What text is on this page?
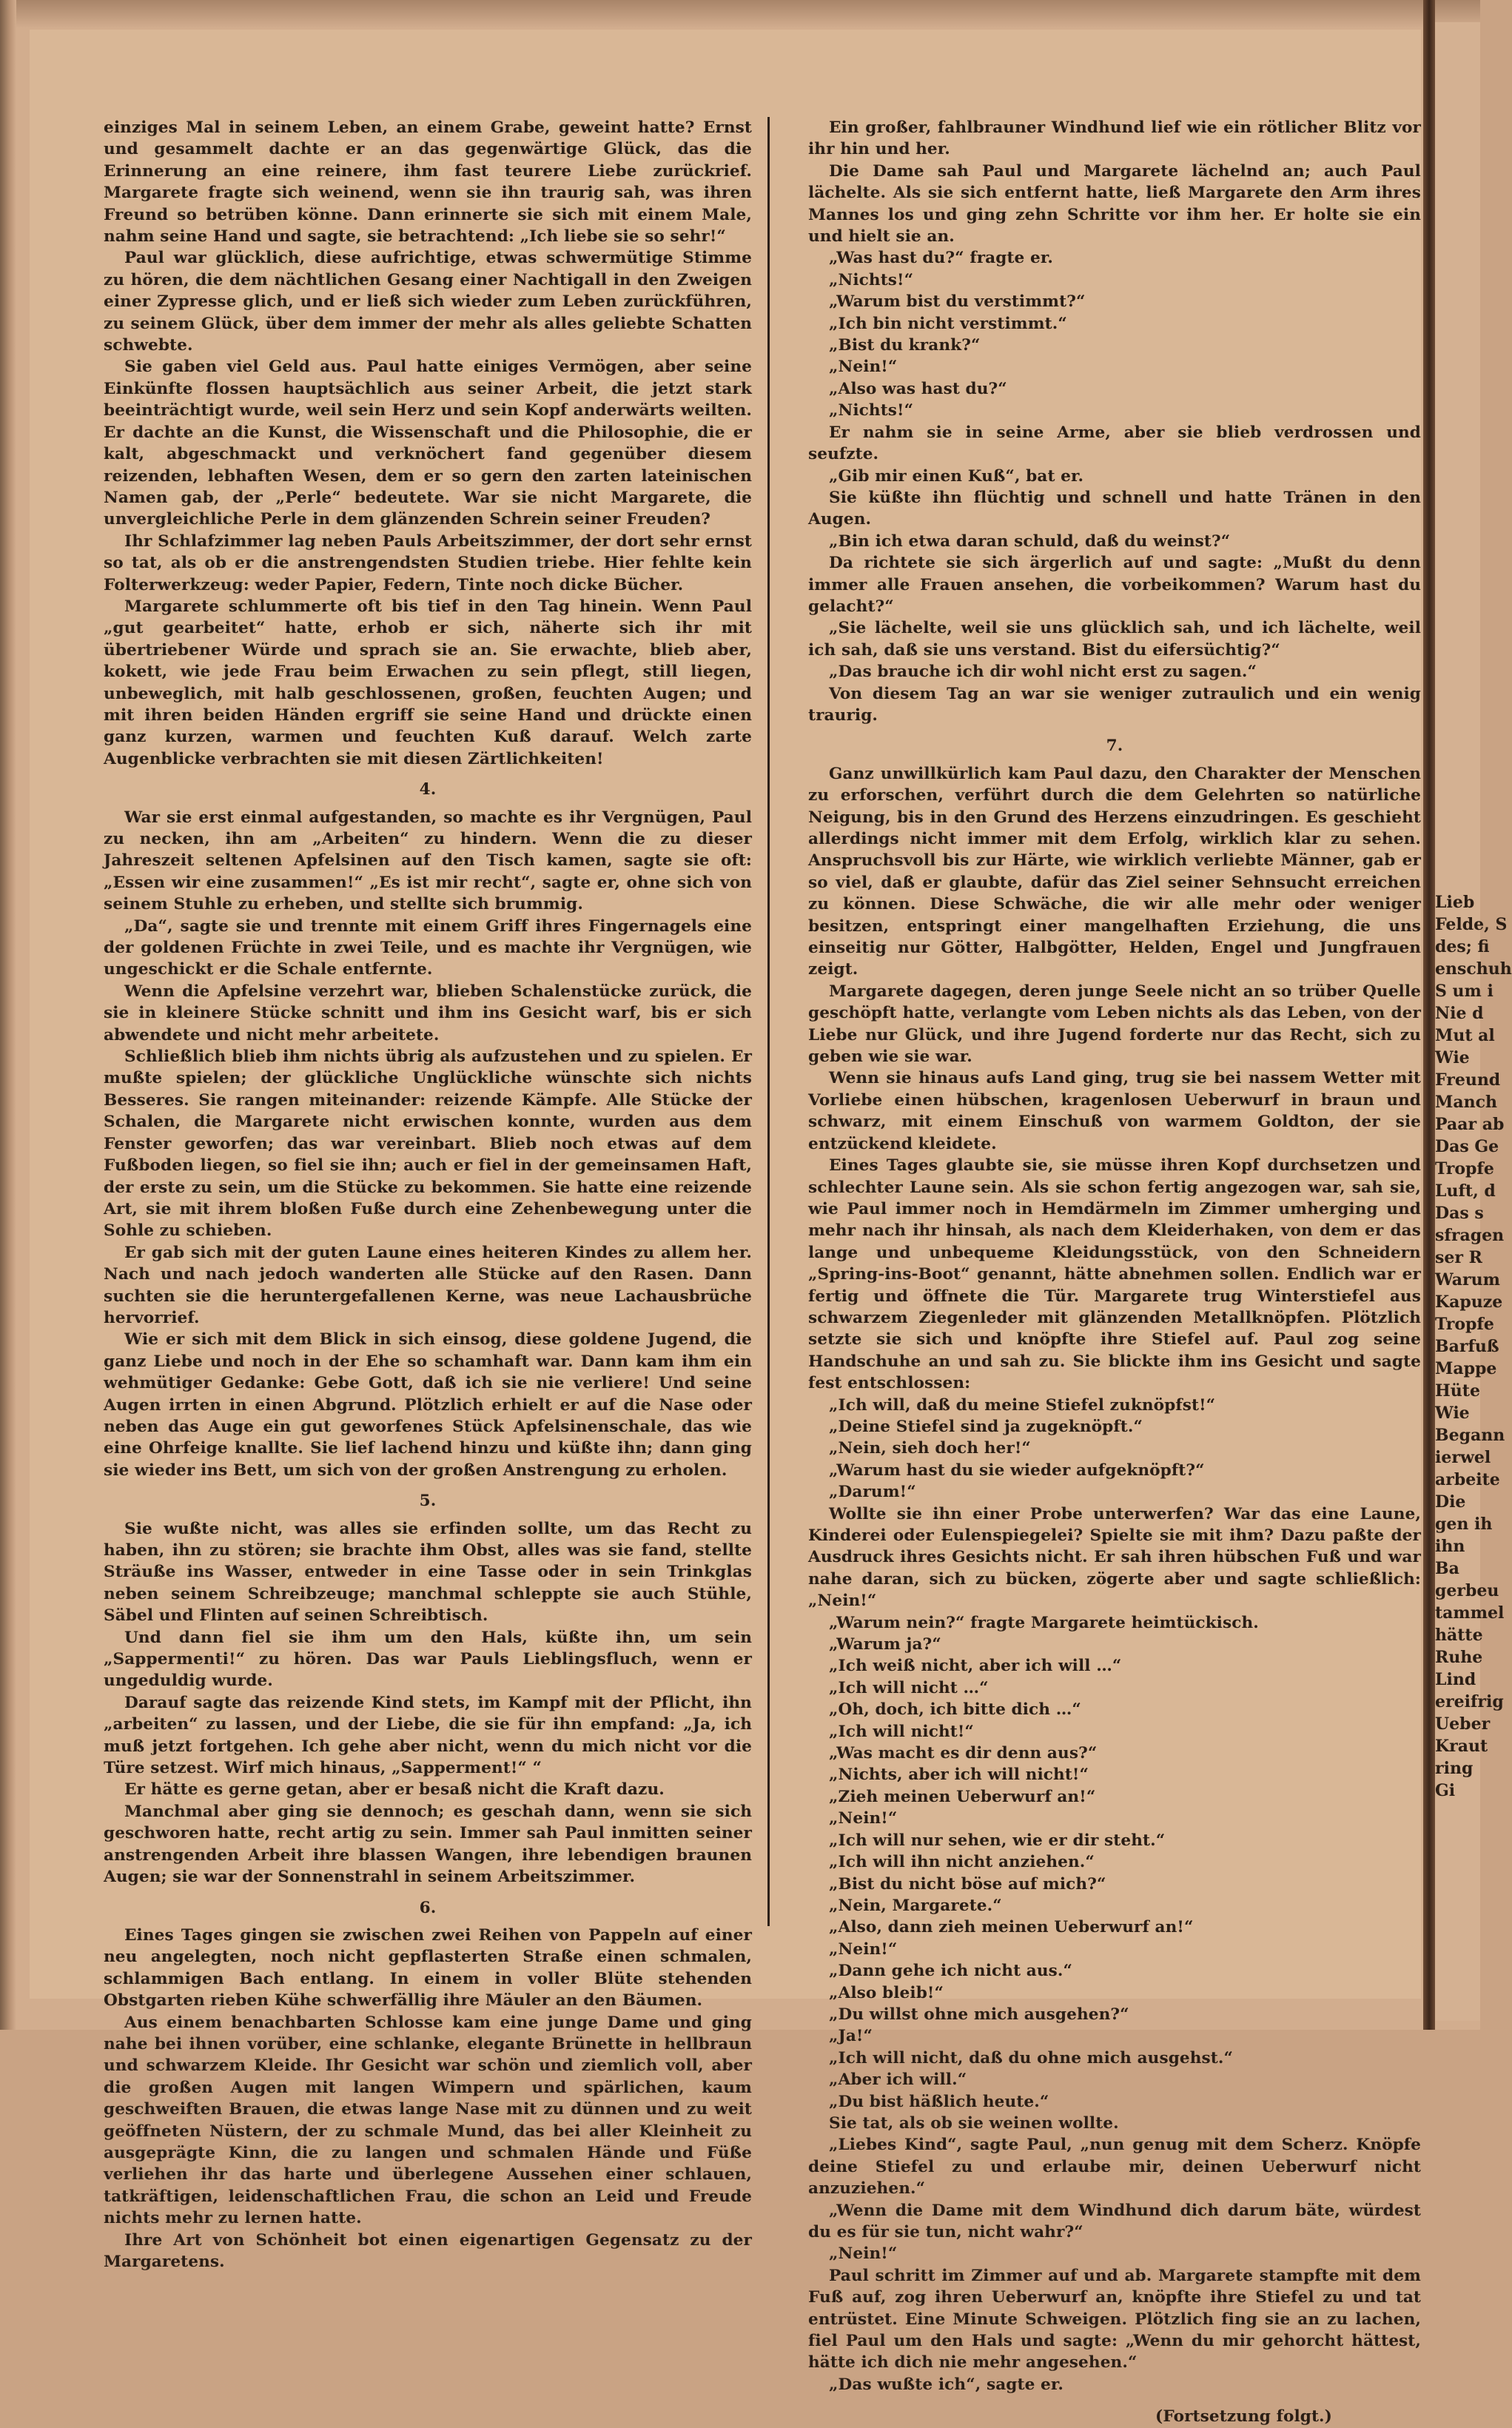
einziges Mal in seinem Leben, an einem Grabe, geweint hatte? Ernst und gesammelt dachte er an das gegenwärtige Glück, das die Erinnerung an eine reinere, ihm fast teurere Liebe zurückrief. Margarete fragte sich weinend, wenn sie ihn traurig sah, was ihren Freund so betrüben könne. Dann erinnerte sie sich mit einem Male, nahm seine Hand und sagte, sie betrachtend: „Ich liebe sie so sehr!“

Paul war glücklich, diese aufrichtige, etwas schwermütige Stimme zu hören, die dem nächtlichen Gesang einer Nachtigall in den Zweigen einer Zypresse glich, und er ließ sich wieder zum Leben zurückführen, zu seinem Glück, über dem immer der mehr als alles geliebte Schatten schwebte.

Sie gaben viel Geld aus. Paul hatte einiges Vermögen, aber seine Einkünfte flossen hauptsächlich aus seiner Arbeit, die jetzt stark beeinträchtigt wurde, weil sein Herz und sein Kopf anderwärts weilten. Er dachte an die Kunst, die Wissenschaft und die Philosophie, die er kalt, abgeschmackt und verknöchert fand gegenüber diesem reizenden, lebhaften Wesen, dem er so gern den zarten lateinischen Namen gab, der „Perle“ bedeutete. War sie nicht Margarete, die unvergleichliche Perle in dem glänzenden Schrein seiner Freuden?

Ihr Schlafzimmer lag neben Pauls Arbeitszimmer, der dort sehr ernst so tat, als ob er die anstrengendsten Studien triebe. Hier fehlte kein Folterwerkzeug: weder Papier, Federn, Tinte noch dicke Bücher.

Margarete schlummerte oft bis tief in den Tag hinein. Wenn Paul „gut gearbeitet“ hatte, erhob er sich, näherte sich ihr mit übertriebener Würde und sprach sie an. Sie erwachte, blieb aber, kokett, wie jede Frau beim Erwachen zu sein pflegt, still liegen, unbeweglich, mit halb geschlossenen, großen, feuchten Augen; und mit ihren beiden Händen ergriff sie seine Hand und drückte einen ganz kurzen, warmen und feuchten Kuß darauf. Welch zarte Augenblicke verbrachten sie mit diesen Zärtlichkeiten!

4.

War sie erst einmal aufgestanden, so machte es ihr Vergnügen, Paul zu necken, ihn am „Arbeiten“ zu hindern. Wenn die zu dieser Jahreszeit seltenen Apfelsinen auf den Tisch kamen, sagte sie oft: „Essen wir eine zusammen!“ „Es ist mir recht“, sagte er, ohne sich von seinem Stuhle zu erheben, und stellte sich brummig.

„Da“, sagte sie und trennte mit einem Griff ihres Fingernagels eine der goldenen Früchte in zwei Teile, und es machte ihr Vergnügen, wie ungeschickt er die Schale entfernte.

Wenn die Apfelsine verzehrt war, blieben Schalenstücke zurück, die sie in kleinere Stücke schnitt und ihm ins Gesicht warf, bis er sich abwendete und nicht mehr arbeitete.

Schließlich blieb ihm nichts übrig als aufzustehen und zu spielen. Er mußte spielen; der glückliche Unglückliche wünschte sich nichts Besseres. Sie rangen miteinander: reizende Kämpfe. Alle Stücke der Schalen, die Margarete nicht erwischen konnte, wurden aus dem Fenster geworfen; das war vereinbart. Blieb noch etwas auf dem Fußboden liegen, so fiel sie ihn; auch er fiel in der gemeinsamen Haft, der erste zu sein, um die Stücke zu bekommen. Sie hatte eine reizende Art, sie mit ihrem bloßen Fuße durch eine Zehenbewegung unter die Sohle zu schieben.

Er gab sich mit der guten Laune eines heiteren Kindes zu allem her. Nach und nach jedoch wanderten alle Stücke auf den Rasen. Dann suchten sie die heruntergefallenen Kerne, was neue Lachausbrüche hervorrief.

Wie er sich mit dem Blick in sich einsog, diese goldene Jugend, die ganz Liebe und noch in der Ehe so schamhaft war. Dann kam ihm ein wehmütiger Gedanke: Gebe Gott, daß ich sie nie verliere! Und seine Augen irrten in einen Abgrund. Plötzlich erhielt er auf die Nase oder neben das Auge ein gut geworfenes Stück Apfelsinenschale, das wie eine Ohrfeige knallte. Sie lief lachend hinzu und küßte ihn; dann ging sie wieder ins Bett, um sich von der großen Anstrengung zu erholen.

5.

Sie wußte nicht, was alles sie erfinden sollte, um das Recht zu haben, ihn zu stören; sie brachte ihm Obst, alles was sie fand, stellte Sträuße ins Wasser, entweder in eine Tasse oder in sein Trinkglas neben seinem Schreibzeuge; manchmal schleppte sie auch Stühle, Säbel und Flinten auf seinen Schreibtisch.

Und dann fiel sie ihm um den Hals, küßte ihn, um sein „Sappermenti!“ zu hören. Das war Pauls Lieblingsfluch, wenn er ungeduldig wurde.

Darauf sagte das reizende Kind stets, im Kampf mit der Pflicht, ihn „arbeiten“ zu lassen, und der Liebe, die sie für ihn empfand: „Ja, ich muß jetzt fortgehen. Ich gehe aber nicht, wenn du mich nicht vor die Türe setzest. Wirf mich hinaus, „Sapperment!“ “

Er hätte es gerne getan, aber er besaß nicht die Kraft dazu.

Manchmal aber ging sie dennoch; es geschah dann, wenn sie sich geschworen hatte, recht artig zu sein. Immer sah Paul inmitten seiner anstrengenden Arbeit ihre blassen Wangen, ihre lebendigen braunen Augen; sie war der Sonnenstrahl in seinem Arbeitszimmer.

6.

Eines Tages gingen sie zwischen zwei Reihen von Pappeln auf einer neu angelegten, noch nicht gepflasterten Straße einen schmalen, schlammigen Bach entlang. In einem in voller Blüte stehenden Obstgarten rieben Kühe schwerfällig ihre Mäuler an den Bäumen.

Aus einem benachbarten Schlosse kam eine junge Dame und ging nahe bei ihnen vorüber, eine schlanke, elegante Brünette in hellbraun und schwarzem Kleide. Ihr Gesicht war schön und ziemlich voll, aber die großen Augen mit langen Wimpern und spärlichen, kaum geschweiften Brauen, die etwas lange Nase mit zu dünnen und zu weit geöffneten Nüstern, der zu schmale Mund, das bei aller Kleinheit zu ausgeprägte Kinn, die zu langen und schmalen Hände und Füße verliehen ihr das harte und überlegene Aussehen einer schlauen, tatkräftigen, leidenschaftlichen Frau, die schon an Leid und Freude nichts mehr zu lernen hatte.

Ihre Art von Schönheit bot einen eigenartigen Gegensatz zu der Margaretens.

Ein großer, fahlbrauner Windhund lief wie ein rötlicher Blitz vor ihr hin und her.

Die Dame sah Paul und Margarete lächelnd an; auch Paul lächelte. Als sie sich entfernt hatte, ließ Margarete den Arm ihres Mannes los und ging zehn Schritte vor ihm her. Er holte sie ein und hielt sie an.

„Was hast du?“ fragte er.

„Nichts!“

„Warum bist du verstimmt?“

„Ich bin nicht verstimmt.“

„Bist du krank?“

„Nein!“

„Also was hast du?“

„Nichts!“

Er nahm sie in seine Arme, aber sie blieb verdrossen und seufzte.

„Gib mir einen Kuß“, bat er.

Sie küßte ihn flüchtig und schnell und hatte Tränen in den Augen.

„Bin ich etwa daran schuld, daß du weinst?“

Da richtete sie sich ärgerlich auf und sagte: „Mußt du denn immer alle Frauen ansehen, die vorbeikommen? Warum hast du gelacht?“

„Sie lächelte, weil sie uns glücklich sah, und ich lächelte, weil ich sah, daß sie uns verstand. Bist du eifersüchtig?“

„Das brauche ich dir wohl nicht erst zu sagen.“

Von diesem Tag an war sie weniger zutraulich und ein wenig traurig.

7.

Ganz unwillkürlich kam Paul dazu, den Charakter der Menschen zu erforschen, verführt durch die dem Gelehrten so natürliche Neigung, bis in den Grund des Herzens einzudringen. Es geschieht allerdings nicht immer mit dem Erfolg, wirklich klar zu sehen. Anspruchsvoll bis zur Härte, wie wirklich verliebte Männer, gab er so viel, daß er glaubte, dafür das Ziel seiner Sehnsucht erreichen zu können. Diese Schwäche, die wir alle mehr oder weniger besitzen, entspringt einer mangelhaften Erziehung, die uns einseitig nur Götter, Halbgötter, Helden, Engel und Jungfrauen zeigt.

Margarete dagegen, deren junge Seele nicht an so trüber Quelle geschöpft hatte, verlangte vom Leben nichts als das Leben, von der Liebe nur Glück, und ihre Jugend forderte nur das Recht, sich zu geben wie sie war.

Wenn sie hinaus aufs Land ging, trug sie bei nassem Wetter mit Vorliebe einen hübschen, kragenlosen Ueberwurf in braun und schwarz, mit einem Einschuß von warmem Goldton, der sie entzückend kleidete.

Eines Tages glaubte sie, sie müsse ihren Kopf durchsetzen und schlechter Laune sein. Als sie schon fertig angezogen war, sah sie, wie Paul immer noch in Hemdärmeln im Zimmer umherging und mehr nach ihr hinsah, als nach dem Kleiderhaken, von dem er das lange und unbequeme Kleidungsstück, von den Schneidern „Spring-ins-Boot“ genannt, hätte abnehmen sollen. Endlich war er fertig und öffnete die Tür. Margarete trug Winterstiefel aus schwarzem Ziegenleder mit glänzenden Metallknöpfen. Plötzlich setzte sie sich und knöpfte ihre Stiefel auf. Paul zog seine Handschuhe an und sah zu. Sie blickte ihm ins Gesicht und sagte fest entschlossen:

„Ich will, daß du meine Stiefel zuknöpfst!“

„Deine Stiefel sind ja zugeknöpft.“

„Nein, sieh doch her!“

„Warum hast du sie wieder aufgeknöpft?“

„Darum!“

Wollte sie ihn einer Probe unterwerfen? War das eine Laune, Kinderei oder Eulenspiegelei? Spielte sie mit ihm? Dazu paßte der Ausdruck ihres Gesichts nicht. Er sah ihren hübschen Fuß und war nahe daran, sich zu bücken, zögerte aber und sagte schließlich: „Nein!“

„Warum nein?“ fragte Margarete heimtückisch.

„Warum ja?“

„Ich weiß nicht, aber ich will …“

„Ich will nicht …“

„Oh, doch, ich bitte dich …“

„Ich will nicht!“

„Was macht es dir denn aus?“

„Nichts, aber ich will nicht!“

„Zieh meinen Ueberwurf an!“

„Nein!“

„Ich will nur sehen, wie er dir steht.“

„Ich will ihn nicht anziehen.“

„Bist du nicht böse auf mich?“

„Nein, Margarete.“

„Also, dann zieh meinen Ueberwurf an!“

„Nein!“

„Dann gehe ich nicht aus.“

„Also bleib!“

„Du willst ohne mich ausgehen?“

„Ja!“

„Ich will nicht, daß du ohne mich ausgehst.“

„Aber ich will.“

„Du bist häßlich heute.“

Sie tat, als ob sie weinen wollte.

„Liebes Kind“, sagte Paul, „nun genug mit dem Scherz. Knöpfe deine Stiefel zu und erlaube mir, deinen Ueberwurf nicht anzuziehen.“

„Wenn die Dame mit dem Windhund dich darum bäte, würdest du es für sie tun, nicht wahr?“

„Nein!“

Paul schritt im Zimmer auf und ab. Margarete stampfte mit dem Fuß auf, zog ihren Ueberwurf an, knöpfte ihre Stiefel zu und tat entrüstet. Eine Minute Schweigen. Plötzlich fing sie an zu lachen, fiel Paul um den Hals und sagte: „Wenn du mir gehorcht hättest, hätte ich dich nie mehr angesehen.“

„Das wußte ich“, sagte er.

(Fortsetzung folgt.)

Lieb
Felde, S
des; fi
enschuh
S um i
Nie d
Mut al
Wie
Freund
Manch
Paar ab
Das Ge
Tropfe
Luft, d
Das s
sfragen
ser R
Warum
Kapuze
Tropfe
Barfuß
Mappe
Hüte
Wie
Begann
ierwel
arbeite
Die
gen ih
ihn
Ba
gerbeu
tammel
hätte
Ruhe
Lind
ereifrig
Ueber
Kraut
ring
Gi
